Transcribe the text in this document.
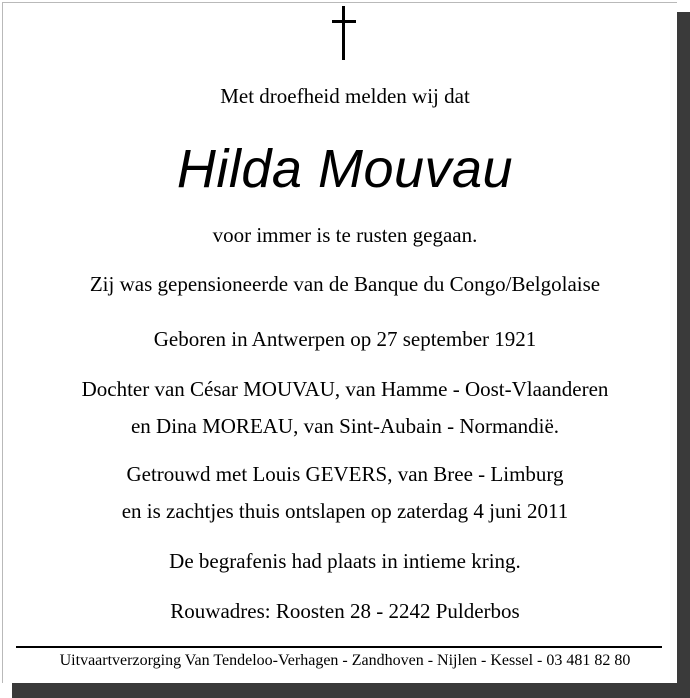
Met droefheid melden wij dat
Hilda Mouvau
voor immer is te rusten gegaan.
Zij was gepensioneerde van de Banque du Congo/Belgolaise
Geboren in Antwerpen op 27 september 1921
Dochter van César MOUVAU, van Hamme - Oost-Vlaanderen
en Dina MOREAU, van Sint-Aubain - Normandië.
Getrouwd met Louis GEVERS, van Bree - Limburg
en is zachtjes thuis ontslapen op zaterdag 4 juni 2011
De begrafenis had plaats in intieme kring.
Rouwadres: Roosten 28 - 2242 Pulderbos
Uitvaartverzorging Van Tendeloo-Verhagen - Zandhoven - Nijlen - Kessel - 03 481 82 80
